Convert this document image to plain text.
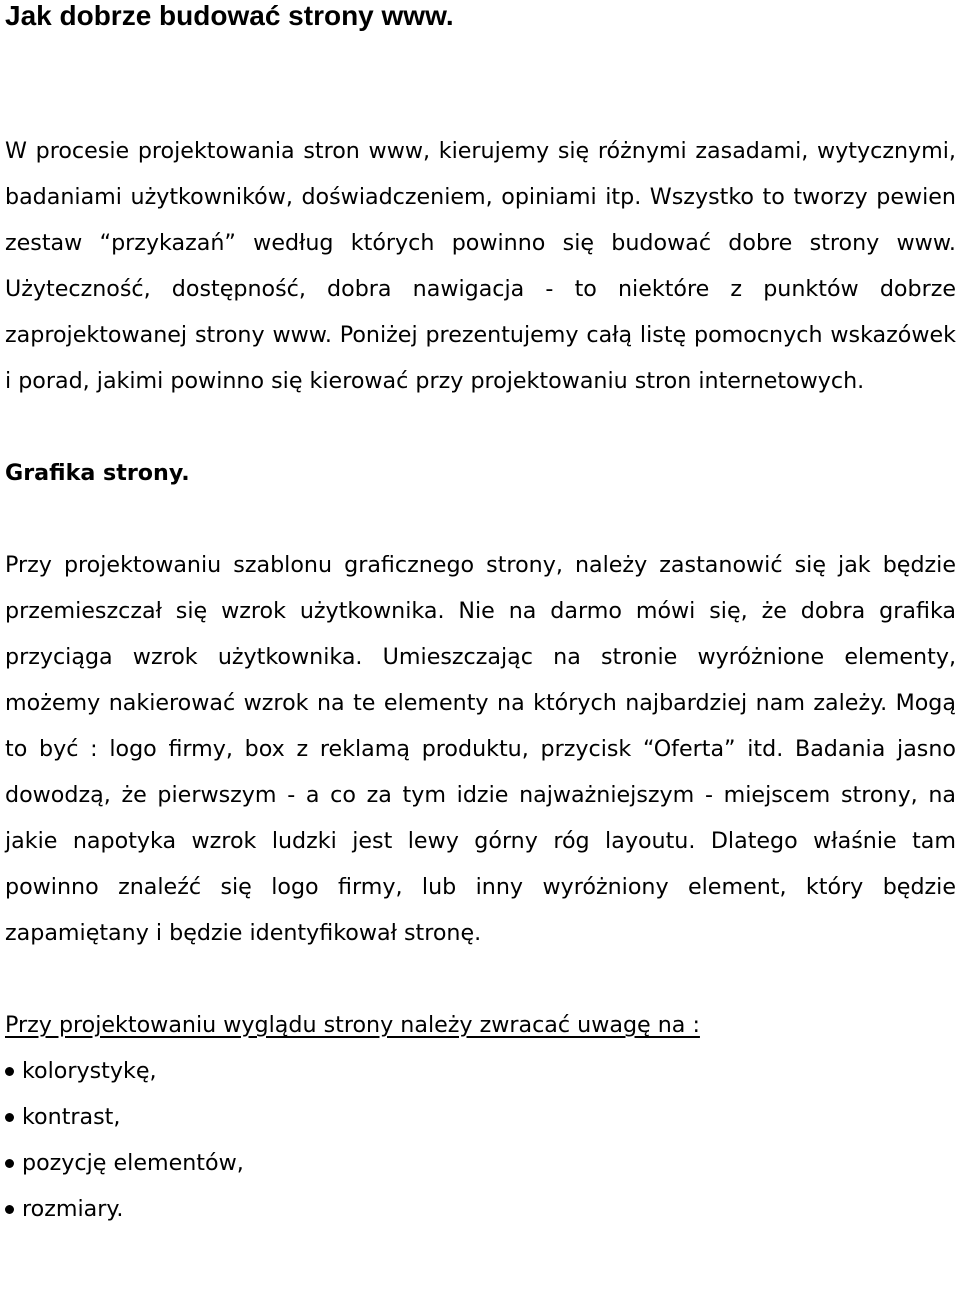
Jak dobrze budować strony www.

W procesie projektowania stron www, kierujemy się różnymi zasadami, wytycznymi, badaniami użytkowników, doświadczeniem, opiniami itp. Wszystko to tworzy pewien zestaw “przykazań” według których powinno się budować dobre strony www. Użyteczność, dostępność, dobra nawigacja - to niektóre z punktów dobrze zaprojektowanej strony www. Poniżej prezentujemy całą listę pomocnych wskazówek i porad, jakimi powinno się kierować przy projektowaniu stron internetowych.

Grafika strony.

Przy projektowaniu szablonu graficznego strony, należy zastanowić się jak będzie przemieszczał się wzrok użytkownika. Nie na darmo mówi się, że dobra grafika przyciąga wzrok użytkownika. Umieszczając na stronie wyróżnione elementy, możemy nakierować wzrok na te elementy na których najbardziej nam zależy. Mogą to być : logo firmy, box z reklamą produktu, przycisk “Oferta” itd. Badania jasno dowodzą, że pierwszym - a co za tym idzie najważniejszym - miejscem strony, na jakie napotyka wzrok ludzki jest lewy górny róg layoutu. Dlatego właśnie tam powinno znaleźć się logo firmy, lub inny wyróżniony element, który będzie zapamiętany i będzie identyfikował stronę.

Przy projektowaniu wyglądu strony należy zwracać uwagę na :
kolorystykę,
kontrast,
pozycję elementów,
rozmiary.
